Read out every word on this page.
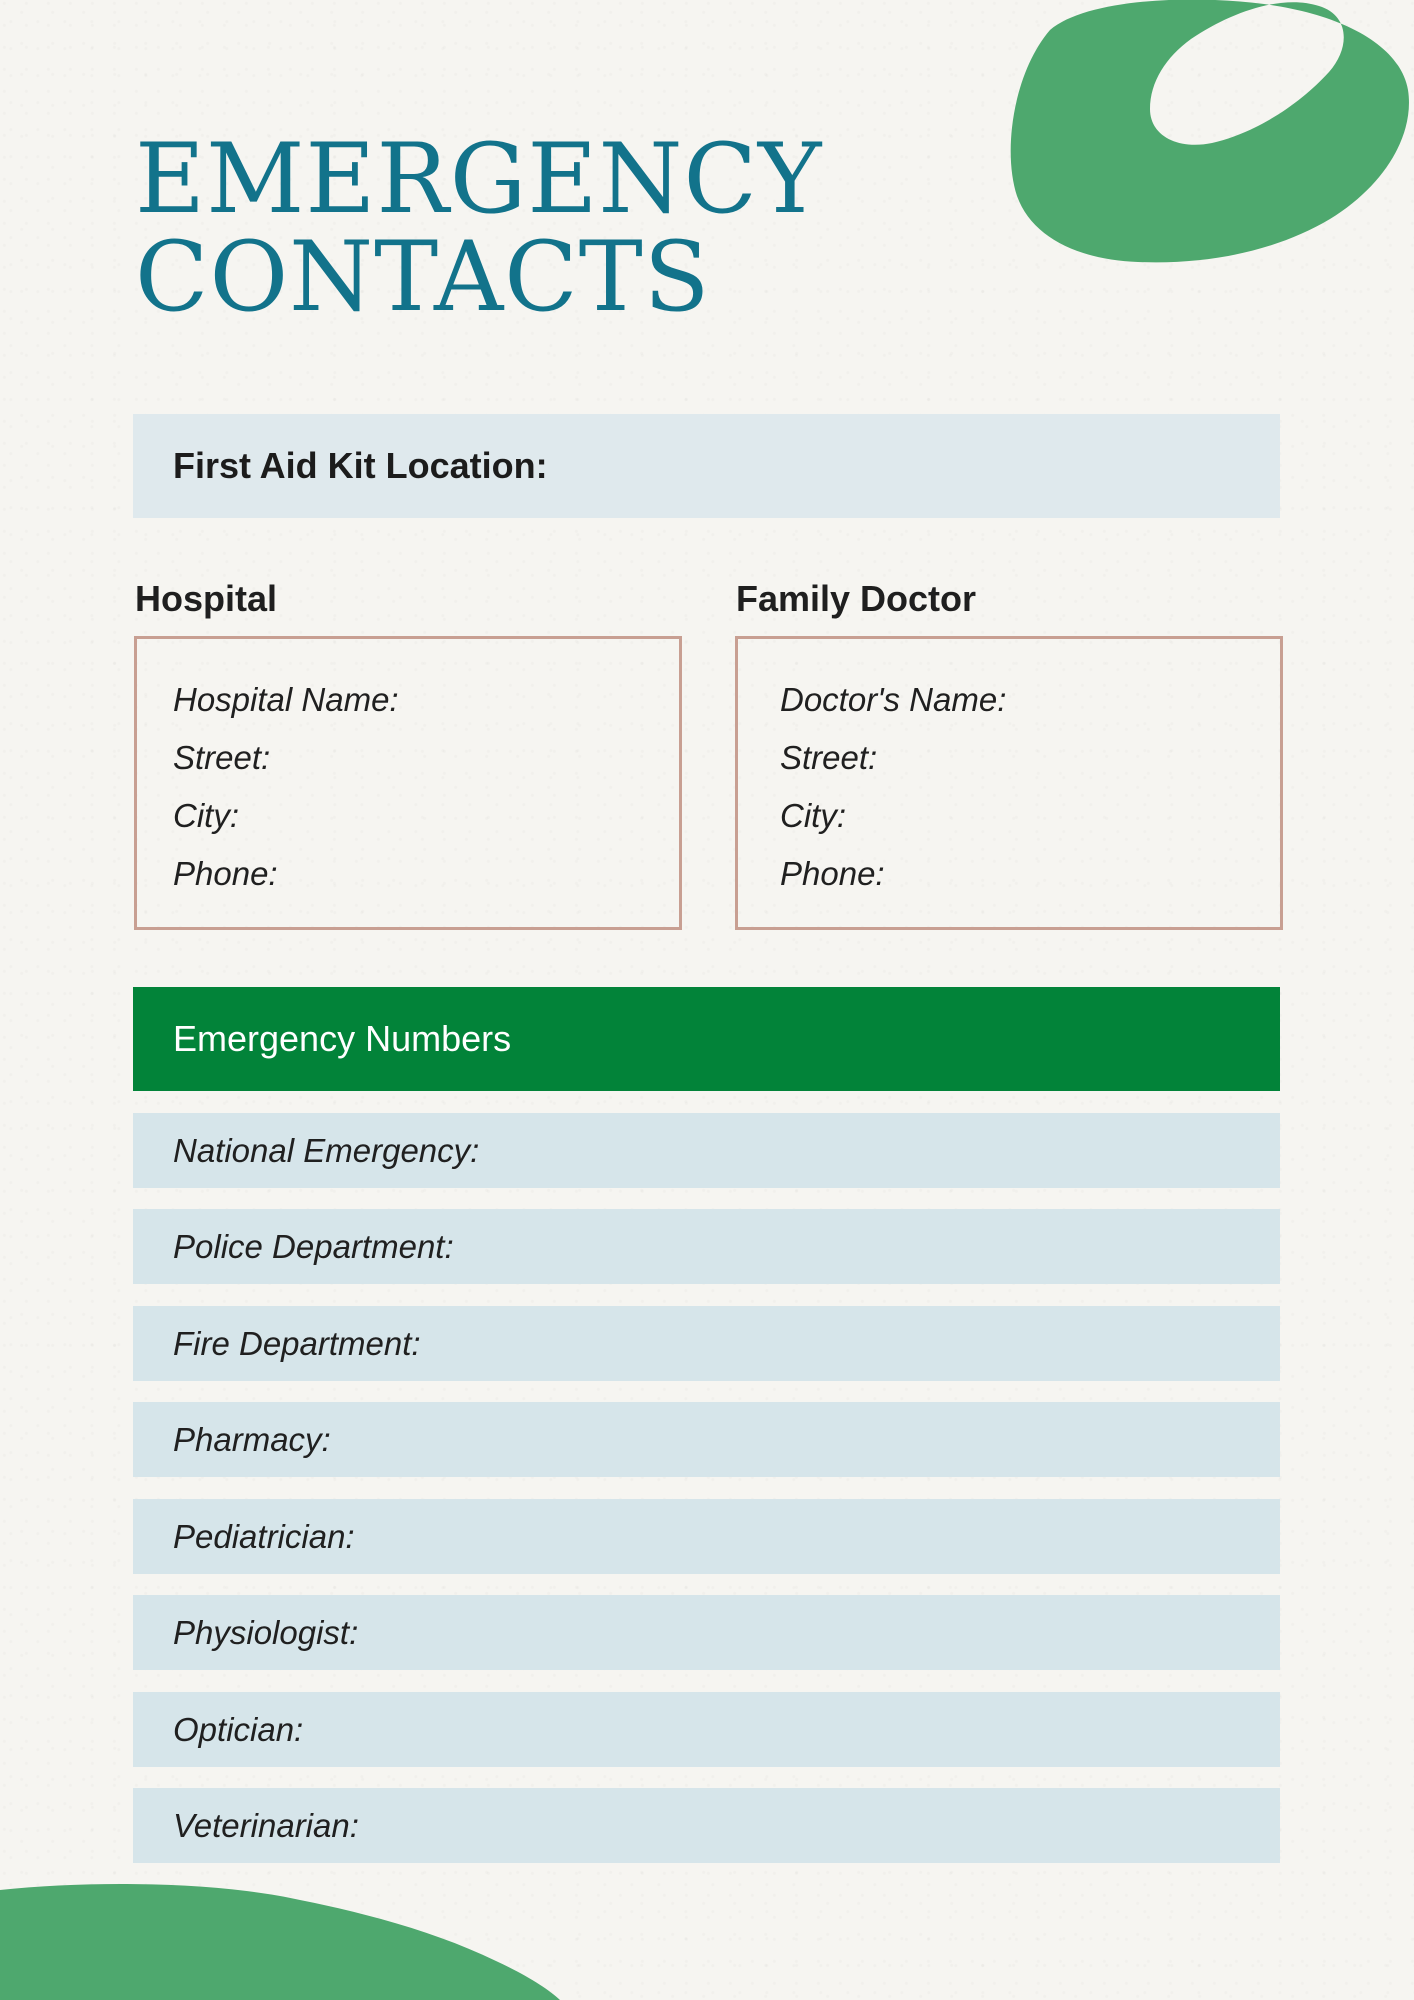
EMERGENCY
CONTACTS
First Aid Kit Location:
Hospital	Family Doctor
Hospital Name:
Street:
City:
Phone:
Doctor's Name:
Street:
City:
Phone:
Emergency Numbers
National Emergency:
Police Department:
Fire Department:
Pharmacy:
Pediatrician:
Physiologist:
Optician:
Veterinarian:
